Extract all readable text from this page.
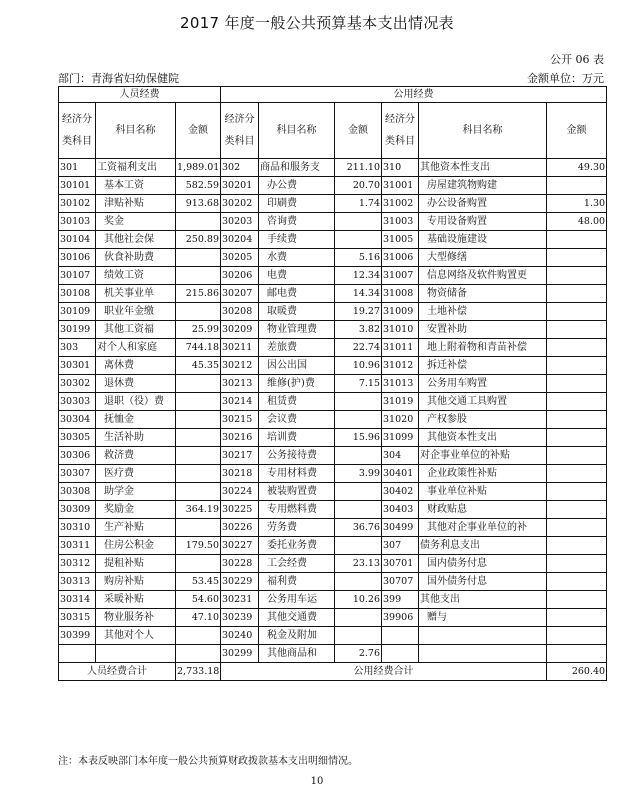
2017 年度一般公共预算基本支出情况表
公开 06 表
部门：青海省妇幼保健院	金额单位：万元
人员经费			公用经费					
经济分类科目	科目名称	金额	经济分类科目	科目名称	金额	经济分类科目	科目名称	金额
301	工资福利支出	1,989.01	302	商品和服务支	211.10	310	其他资本性支出	49.30
30101	基本工资	582.59	30201	办公费	20.70	31001	房屋建筑物购建	
30102	津贴补贴	913.68	30202	印刷费	1.74	31002	办公设备购置	1.30
30103	奖金		30203	咨询费		31003	专用设备购置	48.00
30104	其他社会保	250.89	30204	手续费		31005	基础设施建设	
30106	伙食补助费		30205	水费	5.16	31006	大型修缮	
30107	绩效工资		30206	电费	12.34	31007	信息网络及软件购置更	
30108	机关事业单	215.86	30207	邮电费	14.34	31008	物资储备	
30109	职业年金缴		30208	取暖费	19.27	31009	土地补偿	
30199	其他工资福	25.99	30209	物业管理费	3.82	31010	安置补助	
303	对个人和家庭	744.18	30211	差旅费	22.74	31011	地上附着物和青苗补偿	
30301	离休费	45.35	30212	因公出国	10.96	31012	拆迁补偿	
30302	退休费		30213	维修(护)费	7.15	31013	公务用车购置	
30303	退职（役）费		30214	租赁费		31019	其他交通工具购置	
30304	抚恤金		30215	会议费		31020	产权参股	
30305	生活补助		30216	培训费	15.96	31099	其他资本性支出	
30306	救济费		30217	公务接待费		304	对企事业单位的补贴	
30307	医疗费		30218	专用材料费	3.99	30401	企业政策性补贴	
30308	助学金		30224	被装购置费		30402	事业单位补贴	
30309	奖励金	364.19	30225	专用燃料费		30403	财政贴息	
30310	生产补贴		30226	劳务费	36.76	30499	其他对企事业单位的补	
30311	住房公积金	179.50	30227	委托业务费		307	债务利息支出	
30312	提租补贴		30228	工会经费	23.13	30701	国内债务付息	
30313	购房补贴	53.45	30229	福利费		30707	国外债务付息	
30314	采暖补贴	54.60	30231	公务用车运	10.26	399	其他支出	
30315	物业服务补	47.10	30239	其他交通费		39906	赠与	
30399	其他对个人		30240	税金及附加				
			30299	其他商品和	2.76			
人员经费合计		2,733.18	公用经费合计					260.40
注：本表反映部门本年度一般公共预算财政拨款基本支出明细情况。
10
